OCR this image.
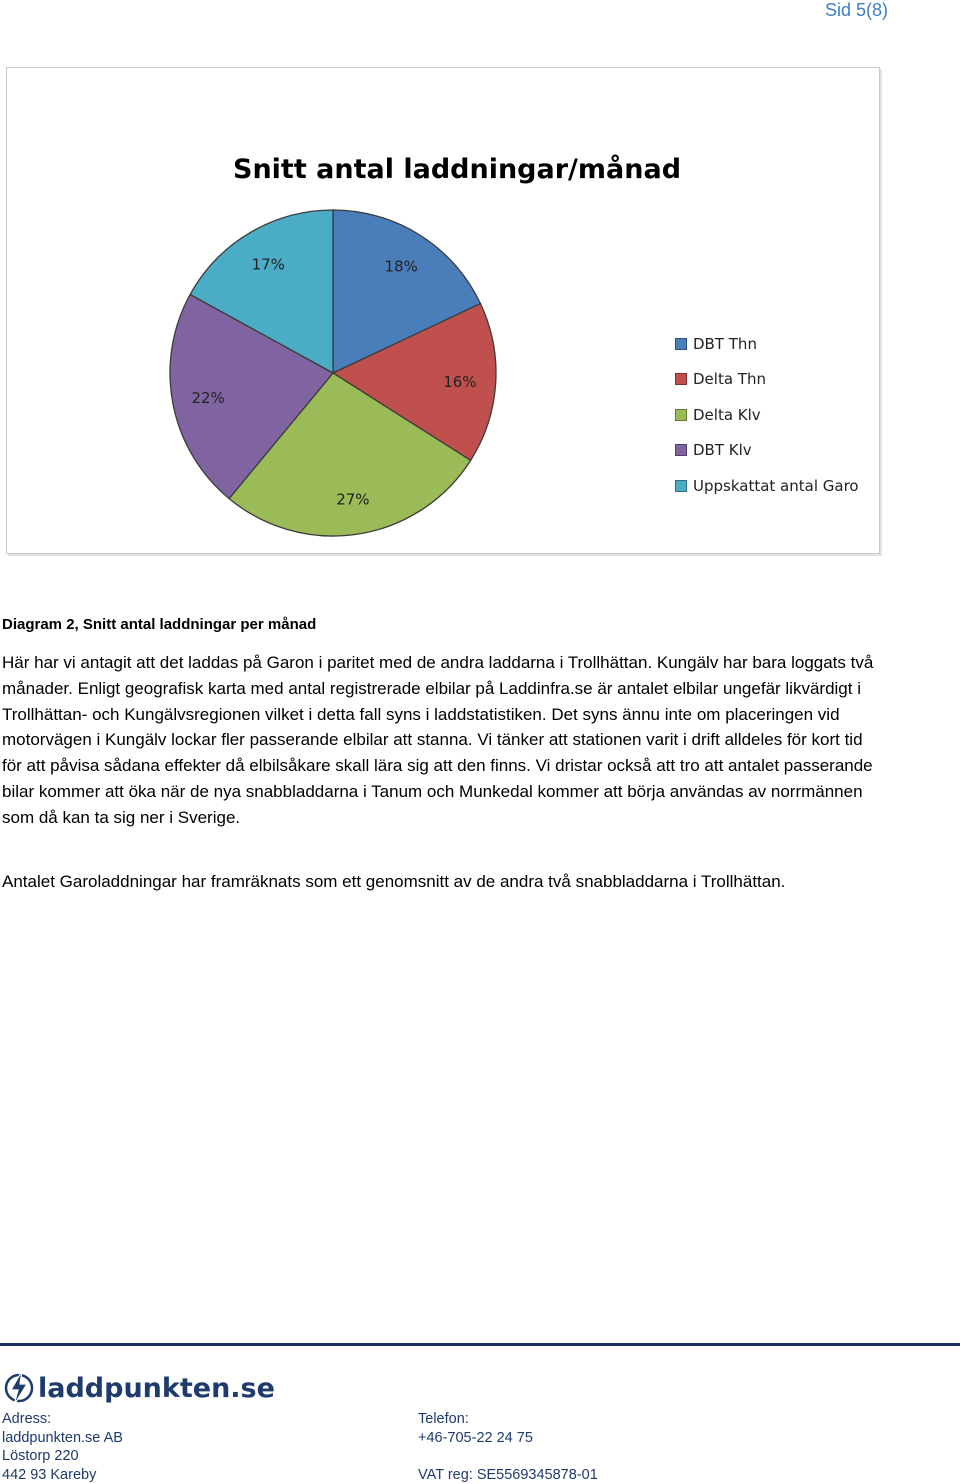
Sid 5(8)
Snitt antal laddningar/månad
18%
16%
27%
22%
17%
DBT Thn
Delta Thn
Delta Klv
DBT Klv
Uppskattat antal Garo
Diagram 2, Snitt antal laddningar per månad

Här har vi antagit att det laddas på Garon i paritet med de andra laddarna i Trollhättan. Kungälv har bara loggats två månader. Enligt geografisk karta med antal registrerade elbilar på Laddinfra.se är antalet elbilar ungefär likvärdigt i Trollhättan- och Kungälvsregionen vilket i detta fall syns i laddstatistiken. Det syns ännu inte om placeringen vid motorvägen i Kungälv lockar fler passerande elbilar att stanna. Vi tänker att stationen varit i drift alldeles för kort tid för att påvisa sådana effekter då elbilsåkare skall lära sig att den finns. Vi dristar också att tro att antalet passerande bilar kommer att öka när de nya snabbladdarna i Tanum och Munkedal kommer att börja användas av norrmännen som då kan ta sig ner i Sverige.

Antalet Garoladdningar har framräknats som ett genomsnitt av de andra två snabbladdarna i Trollhättan.

laddpunkten.se
Adress:
laddpunkten.se AB
Löstorp 220
442 93 Kareby
Telefon:
+46-705-22 24 75

VAT reg: SE5569345878-01
